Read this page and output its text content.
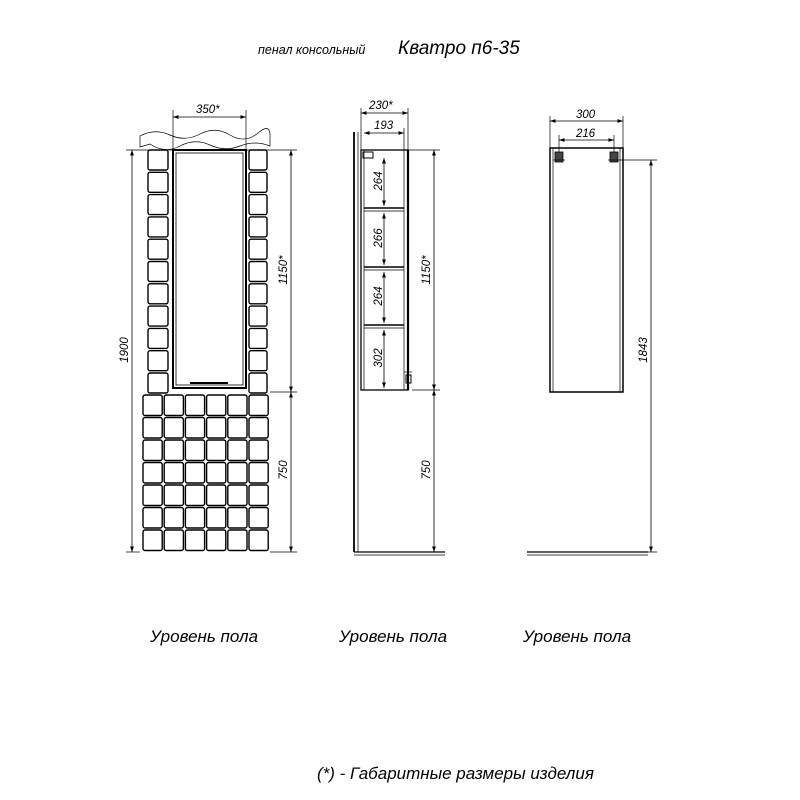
пенал консольный Кватро п6-35
350*
1900
1150*
750
Уровень пола
230*
193
264
266
264
302
1150*
750
Уровень пола
300
216
1843
Уровень пола
(*) - Габаритные размеры изделия
